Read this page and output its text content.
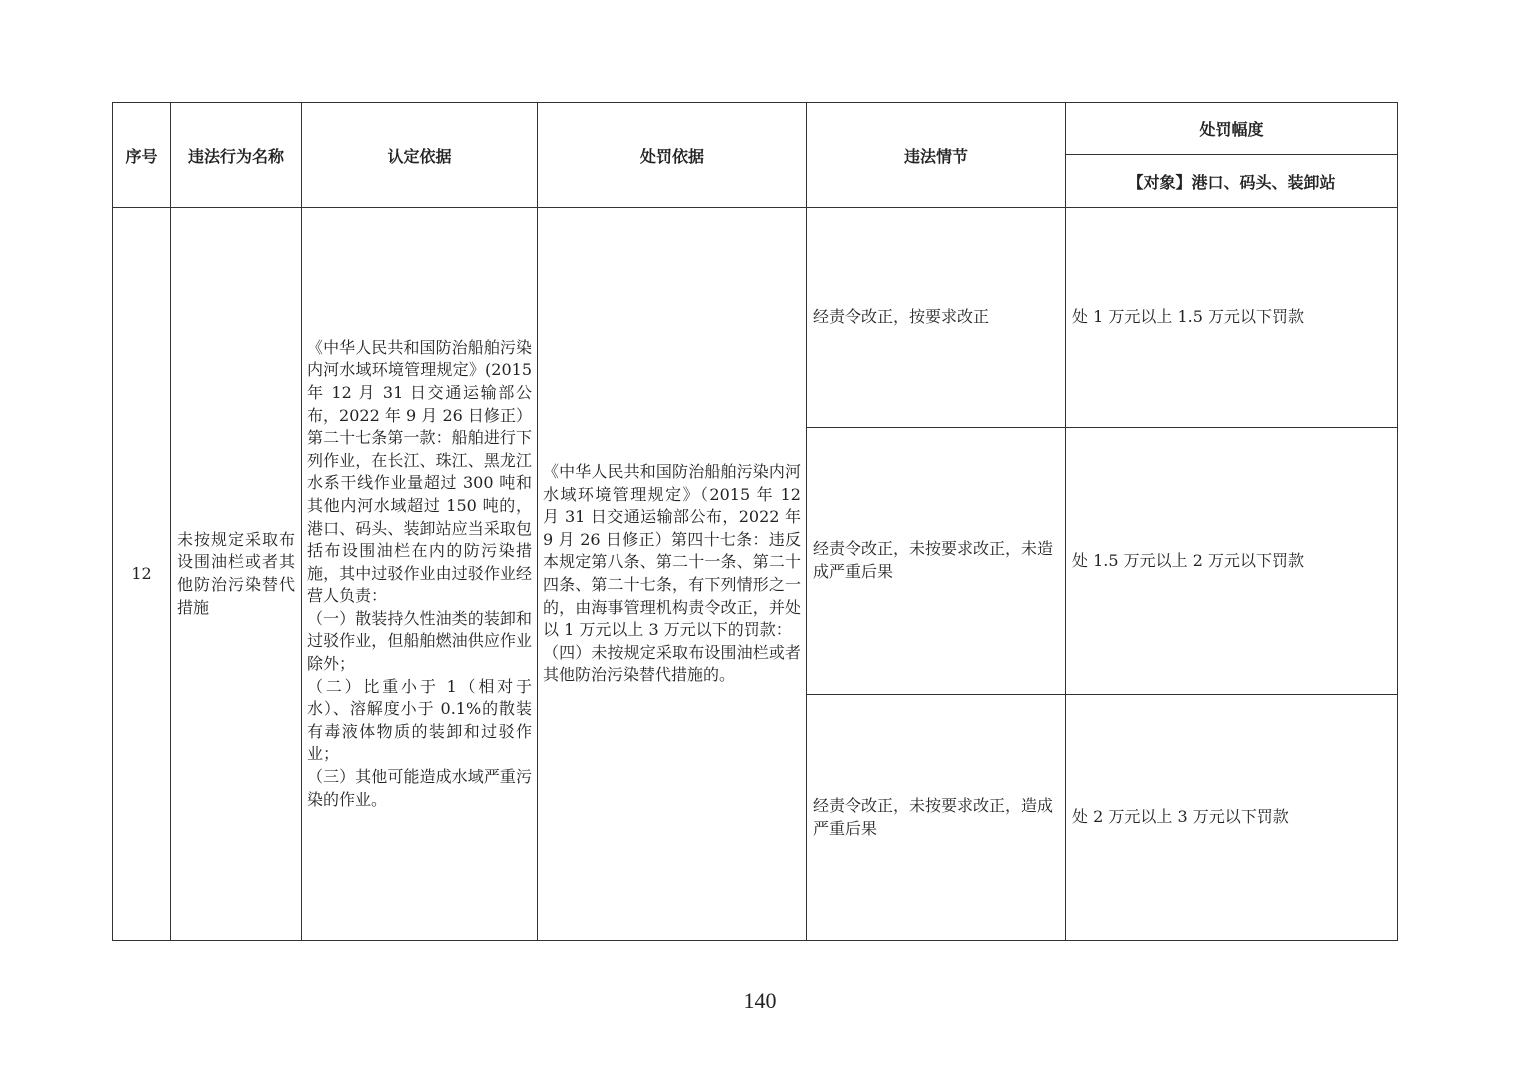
序号	违法行为名称	认定依据	处罚依据	违法情节	处罚幅度
					【对象】港口、码头、装卸站
12	未按规定采取布设围油栏或者其他防治污染替代措施	《中华人民共和国防治船舶污染内河水域环境管理规定》(2015 年 12 月 31 日交通运输部公布，2022 年 9 月 26 日修正）第二十七条第一款：船舶进行下列作业，在长江、珠江、黑龙江水系干线作业量超过 300 吨和其他内河水域超过 150 吨的，港口、码头、装卸站应当采取包括布设围油栏在内的防污染措施，其中过驳作业由过驳作业经营人负责：
（一）散装持久性油类的装卸和过驳作业，但船舶燃油供应作业除外；
（二）比重小于 1（相对于水）、溶解度小于 0.1%的散装有毒液体物质的装卸和过驳作业；
（三）其他可能造成水域严重污染的作业。	《中华人民共和国防治船舶污染内河水域环境管理规定》（2015 年 12 月 31 日交通运输部公布，2022 年 9 月 26 日修正）第四十七条：违反本规定第八条、第二十一条、第二十四条、第二十七条，有下列情形之一的，由海事管理机构责令改正，并处以 1 万元以上 3 万元以下的罚款：
（四）未按规定采取布设围油栏或者其他防治污染替代措施的。	经责令改正，按要求改正	处 1 万元以上 1.5 万元以下罚款
				经责令改正，未按要求改正，未造成严重后果	处 1.5 万元以上 2 万元以下罚款
				经责令改正，未按要求改正，造成严重后果	处 2 万元以上 3 万元以下罚款
140
